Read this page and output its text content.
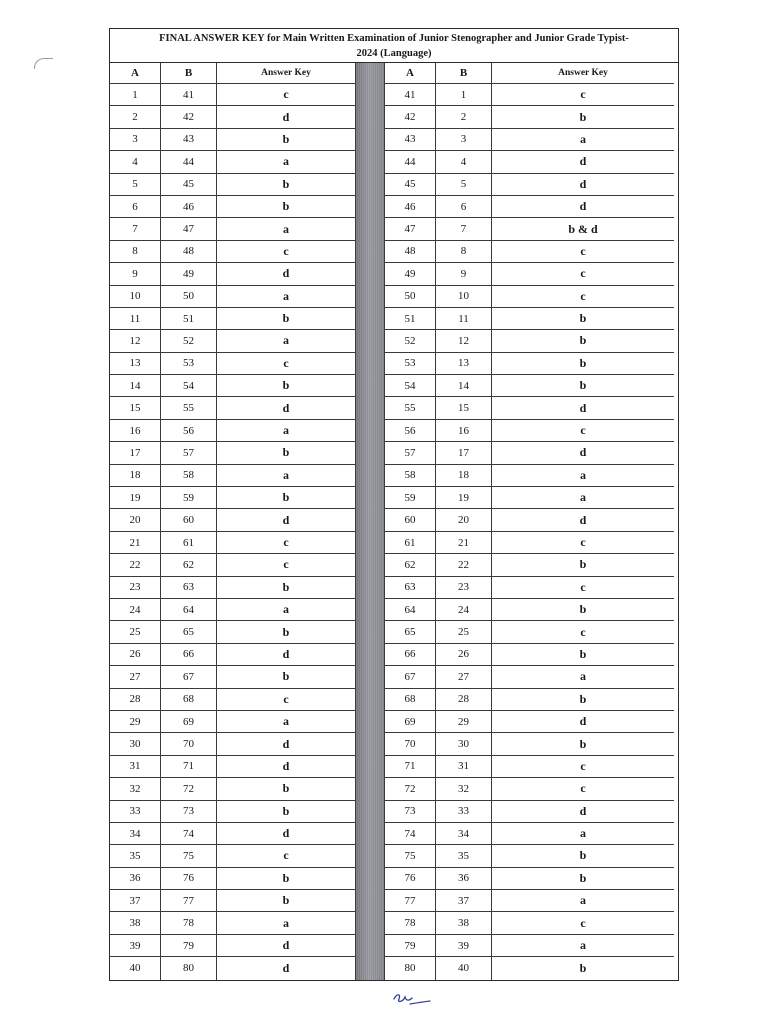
FINAL ANSWER KEY for Main Written Examination of Junior Stenographer and Junior Grade Typist-
2024 (Language)
A	B	Answer Key
1	41	c
2	42	d
3	43	b
4	44	a
5	45	b
6	46	b
7	47	a
8	48	c
9	49	d
10	50	a
11	51	b
12	52	a
13	53	c
14	54	b
15	55	d
16	56	a
17	57	b
18	58	a
19	59	b
20	60	d
21	61	c
22	62	c
23	63	b
24	64	a
25	65	b
26	66	d
27	67	b
28	68	c
29	69	a
30	70	d
31	71	d
32	72	b
33	73	b
34	74	d
35	75	c
36	76	b
37	77	b
38	78	a
39	79	d
40	80	d
A	B	Answer Key
41	1	c
42	2	b
43	3	a
44	4	d
45	5	d
46	6	d
47	7	b & d
48	8	c
49	9	c
50	10	c
51	11	b
52	12	b
53	13	b
54	14	b
55	15	d
56	16	c
57	17	d
58	18	a
59	19	a
60	20	d
61	21	c
62	22	b
63	23	c
64	24	b
65	25	c
66	26	b
67	27	a
68	28	b
69	29	d
70	30	b
71	31	c
72	32	c
73	33	d
74	34	a
75	35	b
76	36	b
77	37	a
78	38	c
79	39	a
80	40	b
